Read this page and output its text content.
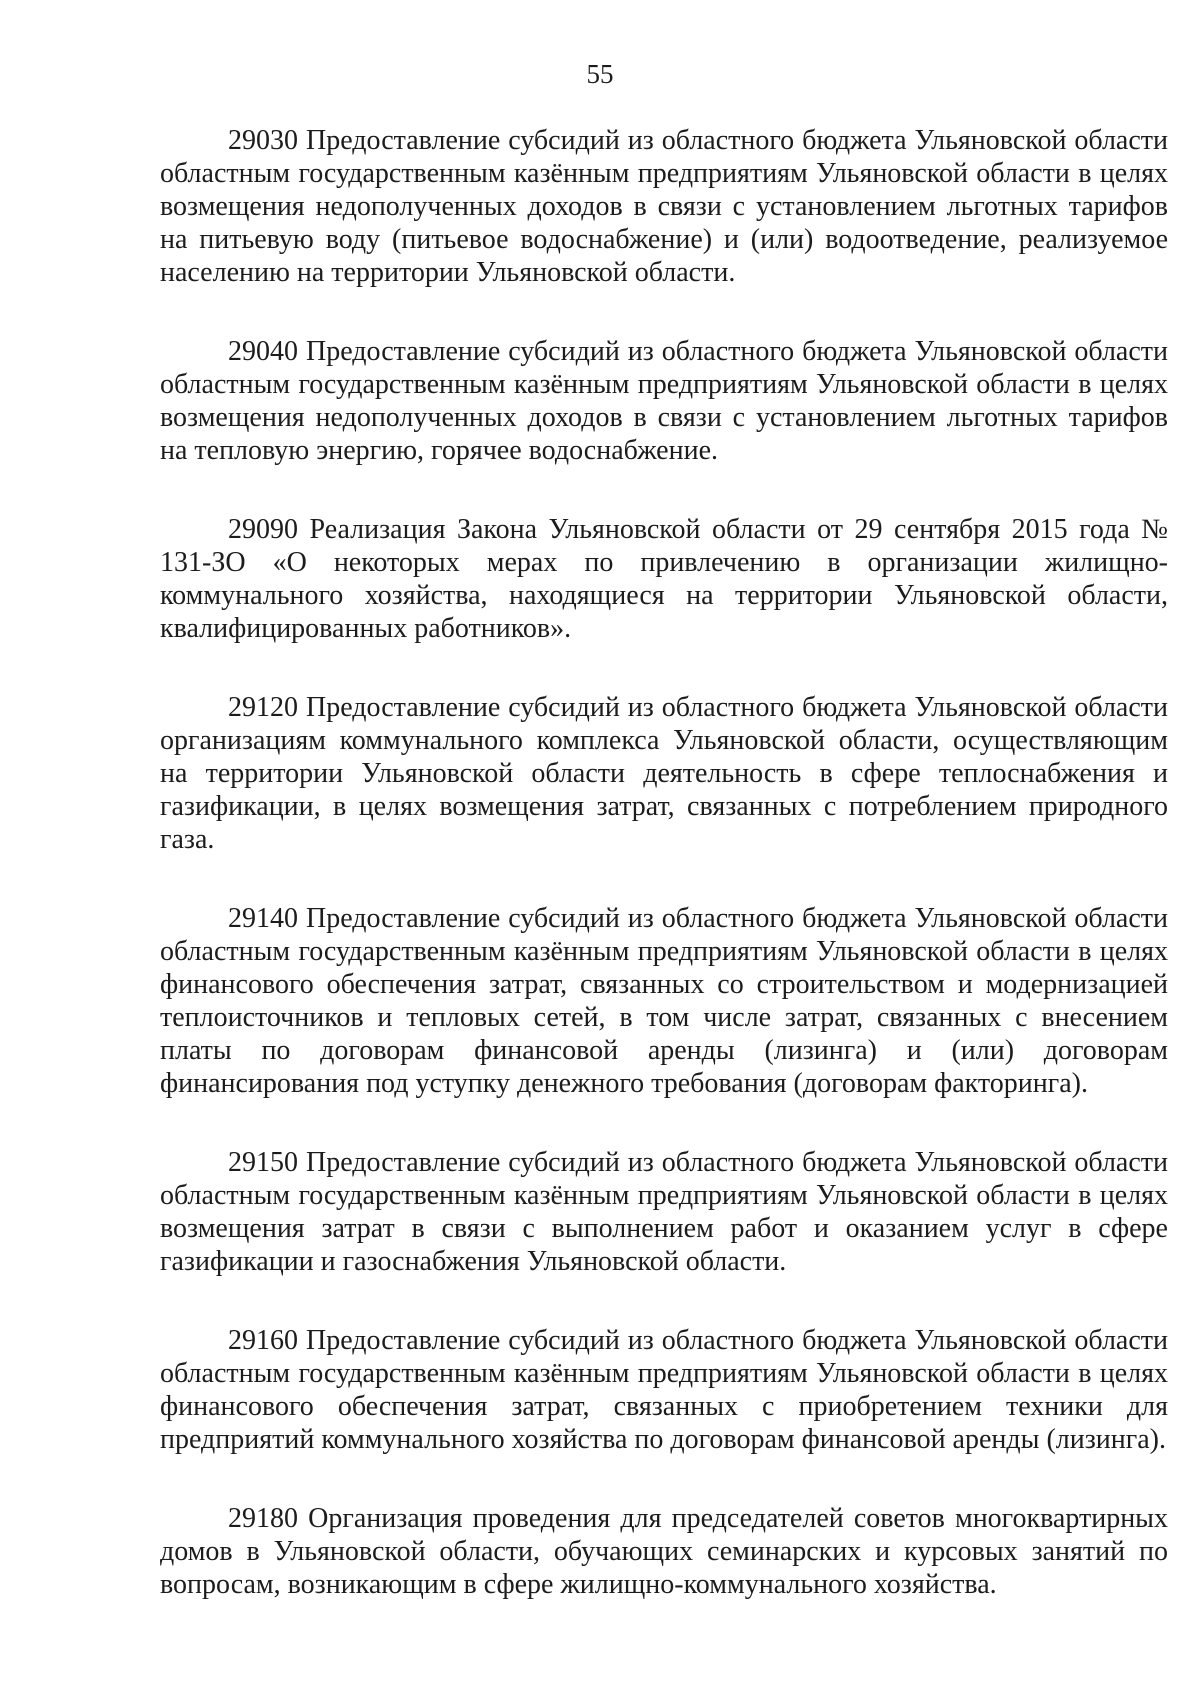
55

29030 Предоставление субсидий из областного бюджета Ульяновской области областным государственным казённым предприятиям Ульяновской области в целях возмещения недополученных доходов в связи с установлением льготных тарифов на питьевую воду (питьевое водоснабжение) и (или) водоотведение, реализуемое населению на территории Ульяновской области.

29040 Предоставление субсидий из областного бюджета Ульяновской области областным государственным казённым предприятиям Ульяновской области в целях возмещения недополученных доходов в связи с установлением льготных тарифов на тепловую энергию, горячее водоснабжение.

29090 Реализация Закона Ульяновской области от 29 сентября 2015 года № 131-ЗО «О некоторых мерах по привлечению в организации жилищно-коммунального хозяйства, находящиеся на территории Ульяновской области, квалифицированных работников».

29120 Предоставление субсидий из областного бюджета Ульяновской области организациям коммунального комплекса Ульяновской области, осуществляющим на территории Ульяновской области деятельность в сфере теплоснабжения и газификации, в целях возмещения затрат, связанных с потреблением природного газа.

29140 Предоставление субсидий из областного бюджета Ульяновской области областным государственным казённым предприятиям Ульяновской области в целях финансового обеспечения затрат, связанных со строительством и модернизацией теплоисточников и тепловых сетей, в том числе затрат, связанных с внесением платы по договорам финансовой аренды (лизинга) и (или) договорам финансирования под уступку денежного требования (договорам факторинга).

29150 Предоставление субсидий из областного бюджета Ульяновской области областным государственным казённым предприятиям Ульяновской области в целях возмещения затрат в связи с выполнением работ и оказанием услуг в сфере газификации и газоснабжения Ульяновской области.

29160 Предоставление субсидий из областного бюджета Ульяновской области областным государственным казённым предприятиям Ульяновской области в целях финансового обеспечения затрат, связанных с приобретением техники для предприятий коммунального хозяйства по договорам финансовой аренды (лизинга).

29180 Организация проведения для председателей советов многоквартирных домов в Ульяновской области, обучающих семинарских и курсовых занятий по вопросам, возникающим в сфере жилищно-коммунального хозяйства.
